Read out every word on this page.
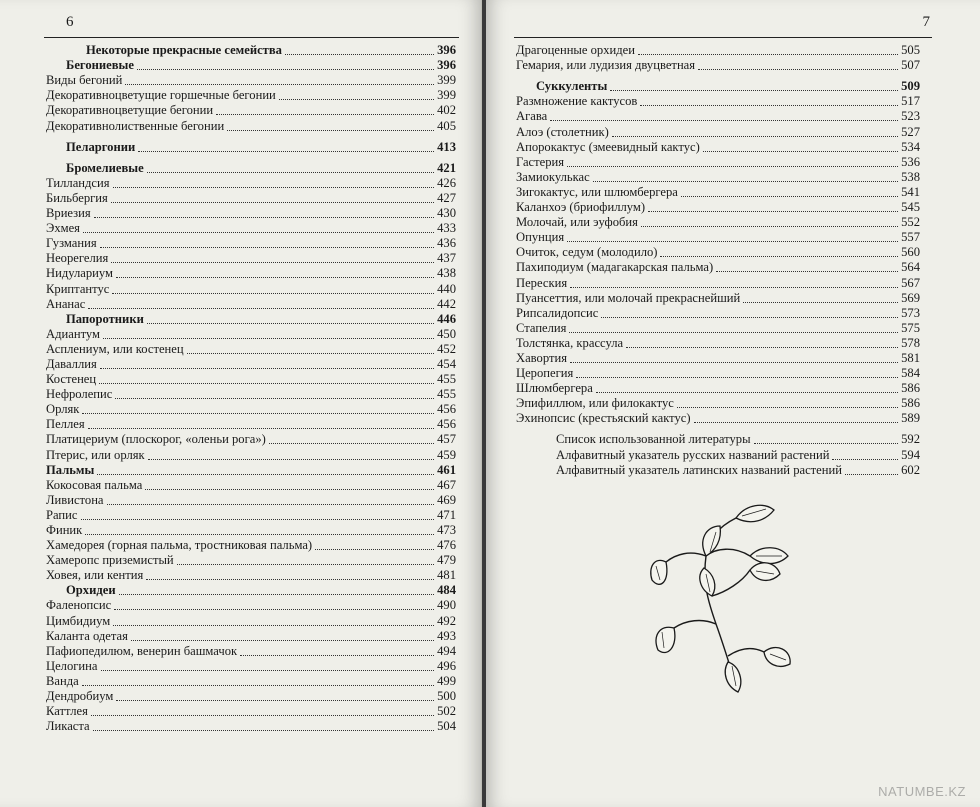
6
Некоторые прекрасные семейства	396
Бегониевые	396
Виды бегоний	399
Декоративноцветущие горшечные бегонии	399
Декоративноцветущие бегонии	402
Декоративнолиственные бегонии	405
Пеларгонии	413
Бромелиевые	421
Тилландсия	426
Бильбергия	427
Вриезия	430
Эхмея	433
Гузмания	436
Неорегелия	437
Нидулариум	438
Криптантус	440
Ананас	442
Папоротники	446
Адиантум	450
Асплениум, или костенец	452
Даваллия	454
Костенец	455
Нефролепис	455
Орляк	456
Пеллея	456
Платицериум (плоскорог, «оленьи рога»)	457
Птерис, или орляк	459
Пальмы	461
Кокосовая пальма	467
Ливистона	469
Рапис	471
Финик	473
Хамедорея (горная пальма, тростниковая пальма)	476
Хамеропс приземистый	479
Ховея, или кентия	481
Орхидеи	484
Фаленопсис	490
Цимбидиум	492
Каланта одетая	493
Пафиопедилюм, венерин башмачок	494
Целогина	496
Ванда	499
Дендробиум	500
Каттлея	502
Ликаста	504
7
Драгоценные орхидеи	505
Гемария, или лудизия двуцветная	507
Суккуленты	509
Размножение кактусов	517
Агава	523
Алоэ (столетник)	527
Апорокактус (змеевидный кактус)	534
Гастерия	536
Замиокулькас	538
Зигокактус, или шлюмбергера	541
Каланхоэ (бриофиллум)	545
Молочай, или эуфобия	552
Опунция	557
Очиток, седум (молодило)	560
Пахиподиум (мадагакарская пальма)	564
Переския	567
Пуансеттия, или молочай прекраснейший	569
Рипсалидопсис	573
Стапелия	575
Толстянка, крассула	578
Хавортия	581
Церопегия	584
Шлюмбергера	586
Эпифиллюм, или филокактус	586
Эхинопсис (крестьяский кактус)	589
Список использованной литературы	592
Алфавитный указатель русских названий растений	594
Алфавитный указатель латинских названий растений	602
NATUMBE.KZ
